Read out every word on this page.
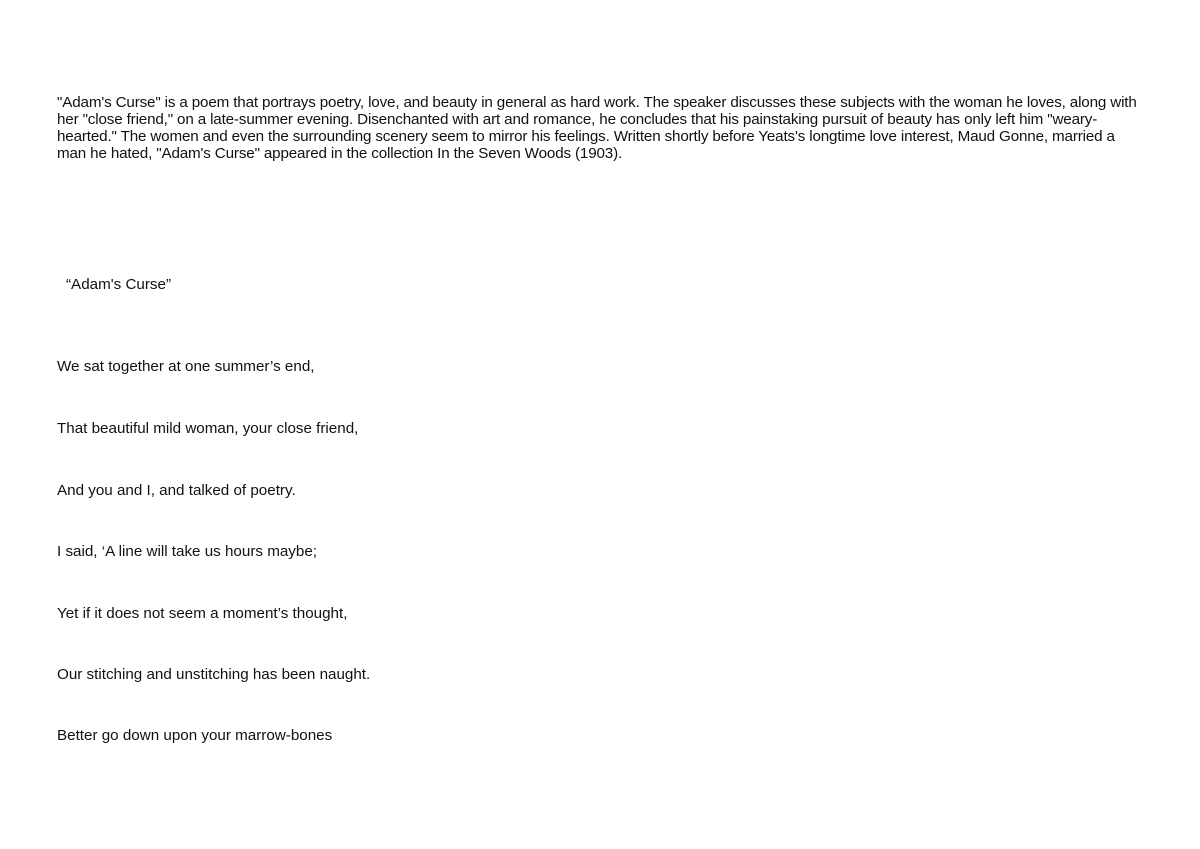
"Adam's Curse" is a poem that portrays poetry, love, and beauty in general as hard work. The speaker discusses these subjects with the woman he loves, along with her "close friend," on a late-summer evening. Disenchanted with art and romance, he concludes that his painstaking pursuit of beauty has only left him "weary-hearted." The women and even the surrounding scenery seem to mirror his feelings. Written shortly before Yeats's longtime love interest, Maud Gonne, married a man he hated, "Adam's Curse" appeared in the collection In the Seven Woods (1903).

“Adam's Curse”

We sat together at one summer’s end,

That beautiful mild woman, your close friend,

And you and I, and talked of poetry.

I said, ‘A line will take us hours maybe;

Yet if it does not seem a moment’s thought,

Our stitching and unstitching has been naught.

Better go down upon your marrow-bones
